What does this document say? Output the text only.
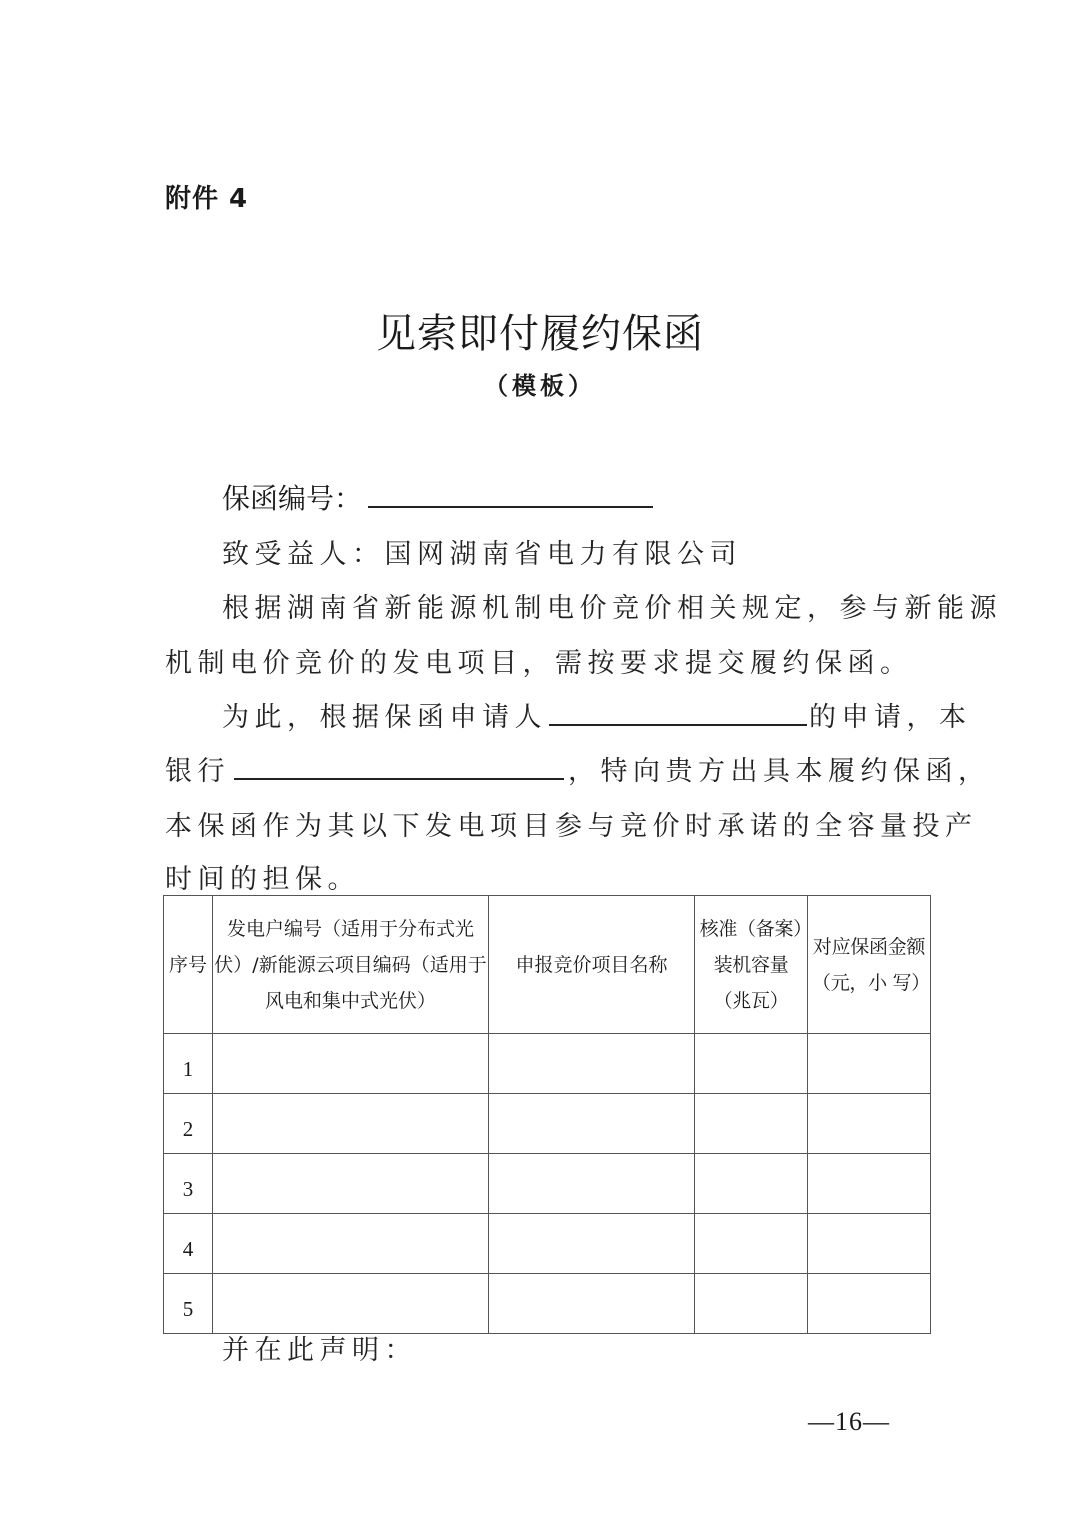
附件 4
见索即付履约保函
（模板）
保函编号：
致受益人：国网湖南省电力有限公司
根据湖南省新能源机制电价竞价相关规定，参与新能源
机制电价竞价的发电项目，需按要求提交履约保函。
为此，根据保函申请人	的申请，本
银行	，特向贵方出具本履约保函，
本保函作为其以下发电项目参与竞价时承诺的全容量投产
时间的担保。
序号	发电户编号（适用于分布式光伏）/新能源云项目编码（适用于风电和集中式光伏）	申报竞价项目名称	核准（备案）装机容量（兆瓦）	对应保函金额（元，小 写）

1				
2				
3				
4				
5				
并在此声明：
—16—
